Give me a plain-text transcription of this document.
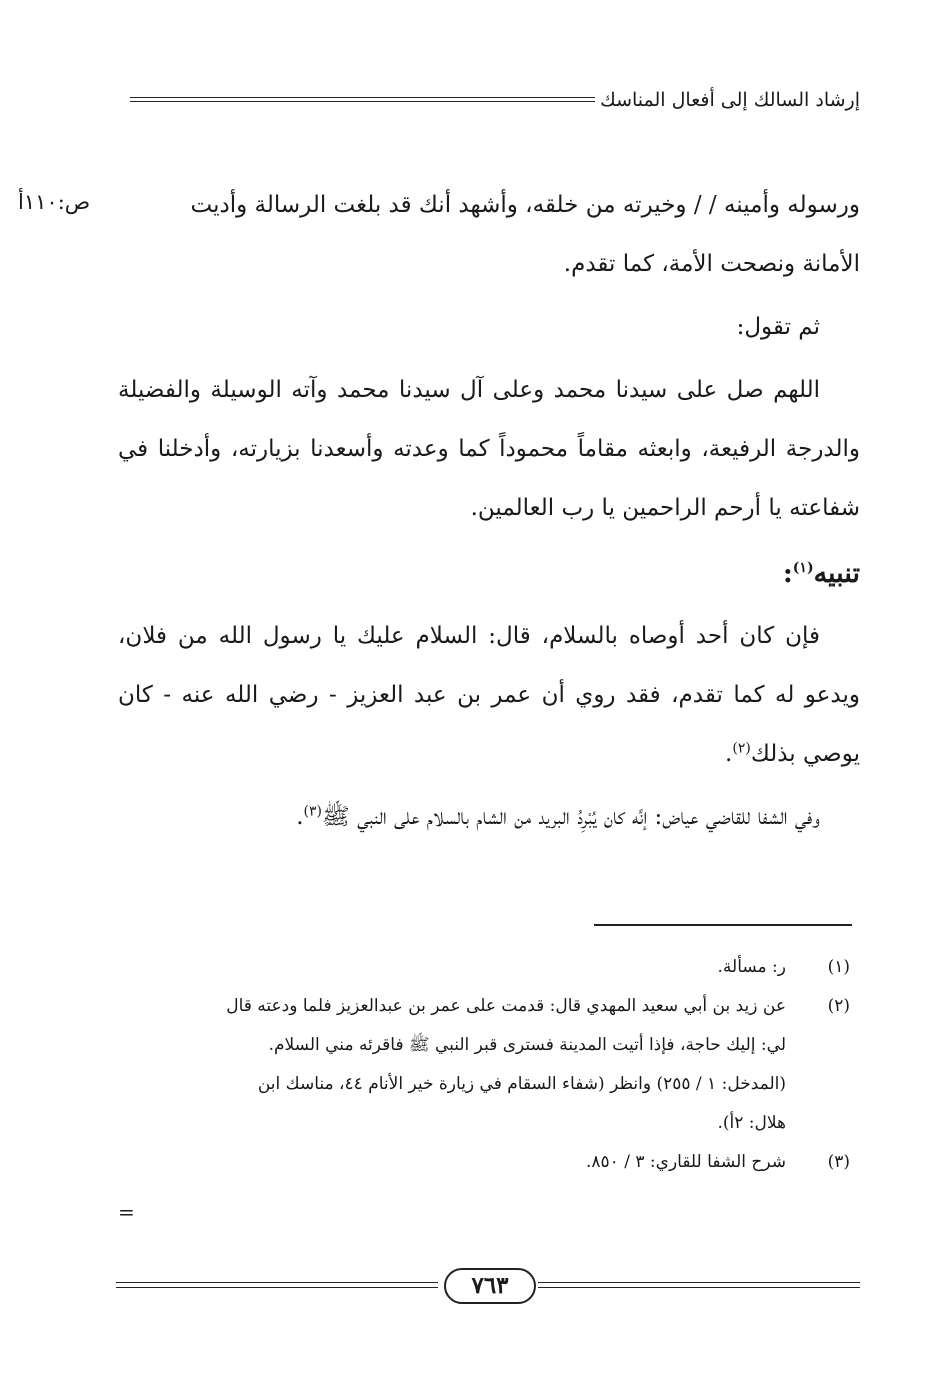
إرشاد السالك إلى أفعال المناسك
ص:١١٠أ	ورسوله وأمينه / / وخيرته من خلقه، وأشهد أنك قد بلغت الرسالة وأديت
الأمانة ونصحت الأمة، كما تقدم.

ثم تقول:

اللهم صل على سيدنا محمد وعلى آل سيدنا محمد وآته الوسيلة والفضيلة والدرجة الرفيعة، وابعثه مقاماً محموداً كما وعدته وأسعدنا بزيارته، وأدخلنا في شفاعته يا أرحم الراحمين يا رب العالمين.

تنبيه$^{(١)}$:

فإن كان أحد أوصاه بالسلام، قال: السلام عليك يا رسول الله من فلان، ويدعو له كما تقدم، فقد روي أن عمر بن عبد العزيز - رضي الله عنه - كان يوصي بذلك$^{(٢)}$.

وفي الشفا للقاضي عياض: إنَّه كان يُبْرِدُ البريد من الشام بالسلام على النبي ﷺ$^{(٣)}$.

(١)
ر: مسألة.
(٢)
عن زيد بن أبي سعيد المهدي قال: قدمت على عمر بن عبدالعزيز فلما ودعته قال
لي: إليك حاجة، فإذا أتيت المدينة فسترى قبر النبي ﷺ فاقرئه مني السلام.
(المدخل: ١ / ٢٥٥) وانظر (شفاء السقام في زيارة خير الأنام ٤٤، مناسك ابن
هلال: ٢أ).
(٣)
شرح الشفا للقاري: ٣ / ٨٥٠.
=
٧٦٣
